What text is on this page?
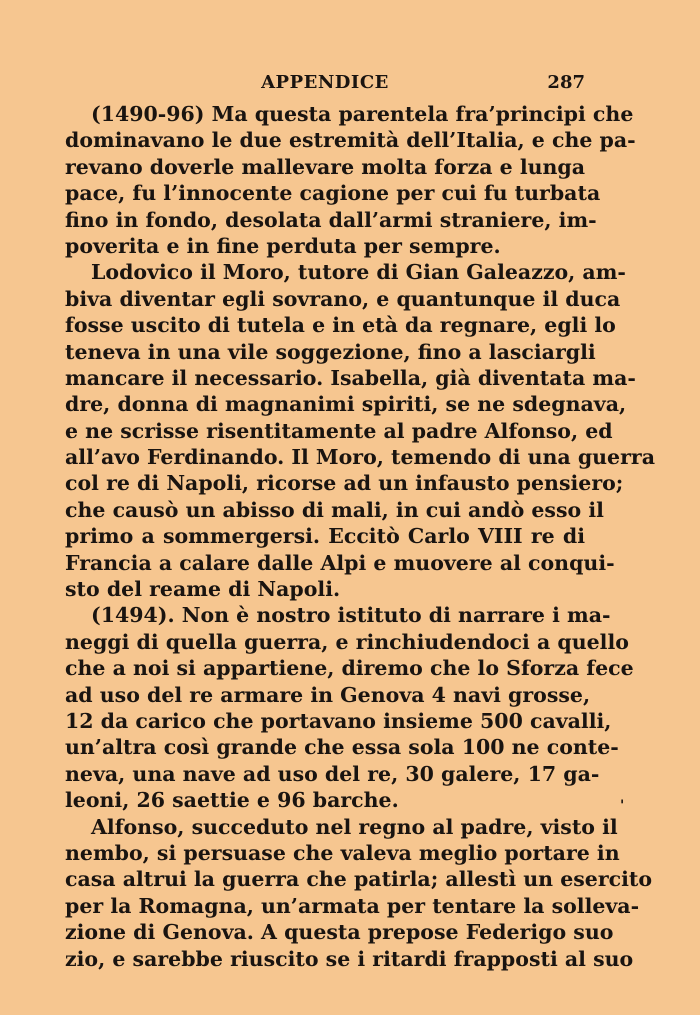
APPENDICE	287
(1490-96) Ma questa parentela fra’principi che
dominavano le due estremità dell’Italia, e che pa-
revano doverle mallevare molta forza e lunga
pace, fu l’innocente cagione per cui fu turbata
fino in fondo, desolata dall’armi straniere, im-
poverita e in fine perduta per sempre.
Lodovico il Moro, tutore di Gian Galeazzo, am-
biva diventar egli sovrano, e quantunque il duca
fosse uscito di tutela e in età da regnare, egli lo
teneva in una vile soggezione, fino a lasciargli
mancare il necessario. Isabella, già diventata ma-
dre, donna di magnanimi spiriti, se ne sdegnava,
e ne scrisse risentitamente al padre Alfonso, ed
all’avo Ferdinando. Il Moro, temendo di una guerra
col re di Napoli, ricorse ad un infausto pensiero;
che causò un abisso di mali, in cui andò esso il
primo a sommergersi. Eccitò Carlo VIII re di
Francia a calare dalle Alpi e muovere al conqui-
sto del reame di Napoli.
(1494). Non è nostro istituto di narrare i ma-
neggi di quella guerra, e rinchiudendoci a quello
che a noi si appartiene, diremo che lo Sforza fece
ad uso del re armare in Genova 4 navi grosse,
12 da carico che portavano insieme 500 cavalli,
un’altra così grande che essa sola 100 ne conte-
neva, una nave ad uso del re, 30 galere, 17 ga-
leoni, 26 saettie e 96 barche.
Alfonso, succeduto nel regno al padre, visto il
nembo, si persuase che valeva meglio portare in
casa altrui la guerra che patirla; allestì un esercito
per la Romagna, un’armata per tentare la solleva-
zione di Genova. A questa prepose Federigo suo
zio, e sarebbe riuscito se i ritardi frapposti al suo
'
